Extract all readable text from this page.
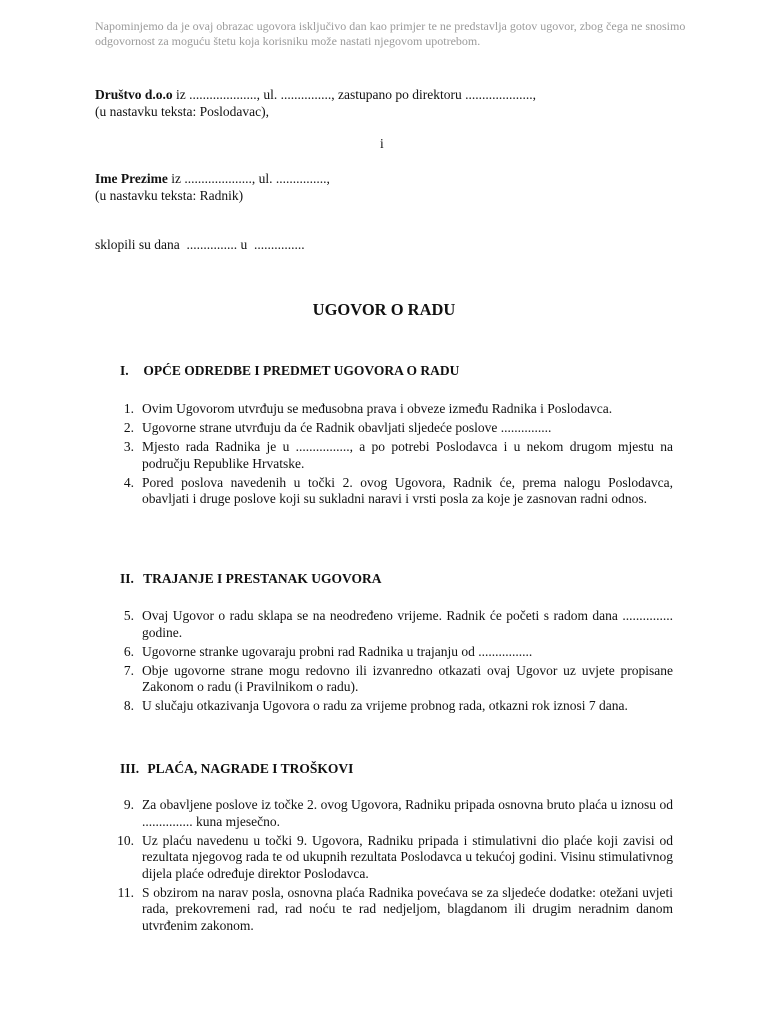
Napominjemo da je ovaj obrazac ugovora isključivo dan kao primjer te ne predstavlja gotov ugovor, zbog čega ne snosimo odgovornost za moguću štetu koja korisniku može nastati njegovom upotrebom.
Društvo d.o.o iz ...................., ul. ..............., zastupano po direktoru ....................,
(u nastavku teksta: Poslodavac),
i
Ime Prezime iz ...................., ul. ...............,
(u nastavku teksta: Radnik)
sklopili su dana  ............... u  ...............
UGOVOR O RADU
I. OPĆE ODREDBE I PREDMET UGOVORA O RADU
1. Ovim Ugovorom utvrđuju se međusobna prava i obveze između Radnika i Poslodavca.
2. Ugovorne strane utvrđuju da će Radnik obavljati sljedeće poslove ...............
3. Mjesto rada Radnika je u ................, a po potrebi Poslodavca i u nekom drugom mjestu na području Republike Hrvatske.
4. Pored poslova navedenih u točki 2. ovog Ugovora, Radnik će, prema nalogu Poslodavca, obavljati i druge poslove koji su sukladni naravi i vrsti posla za koje je zasnovan radni odnos.
II. TRAJANJE I PRESTANAK UGOVORA
5. Ovaj Ugovor o radu sklapa se na neodređeno vrijeme. Radnik će početi s radom dana ............... godine.
6. Ugovorne stranke ugovaraju probni rad Radnika u trajanju od ................
7. Obje ugovorne strane mogu redovno ili izvanredno otkazati ovaj Ugovor uz uvjete propisane Zakonom o radu (i Pravilnikom o radu).
8. U slučaju otkazivanja Ugovora o radu za vrijeme probnog rada, otkazni rok iznosi 7 dana.
III. PLAĆA, NAGRADE I TROŠKOVI
9. Za obavljene poslove iz točke 2. ovog Ugovora, Radniku pripada osnovna bruto plaća u iznosu od ............... kuna mjesečno.
10. Uz plaću navedenu u točki 9. Ugovora, Radniku pripada i stimulativni dio plaće koji zavisi od rezultata njegovog rada te od ukupnih rezultata Poslodavca u tekućoj godini. Visinu stimulativnog dijela plaće određuje direktor Poslodavca.
11. S obzirom na narav posla, osnovna plaća Radnika povećava se za sljedeće dodatke: otežani uvjeti rada, prekovremeni rad, rad noću te rad nedjeljom, blagdanom ili drugim neradnim danom utvrđenim zakonom.
